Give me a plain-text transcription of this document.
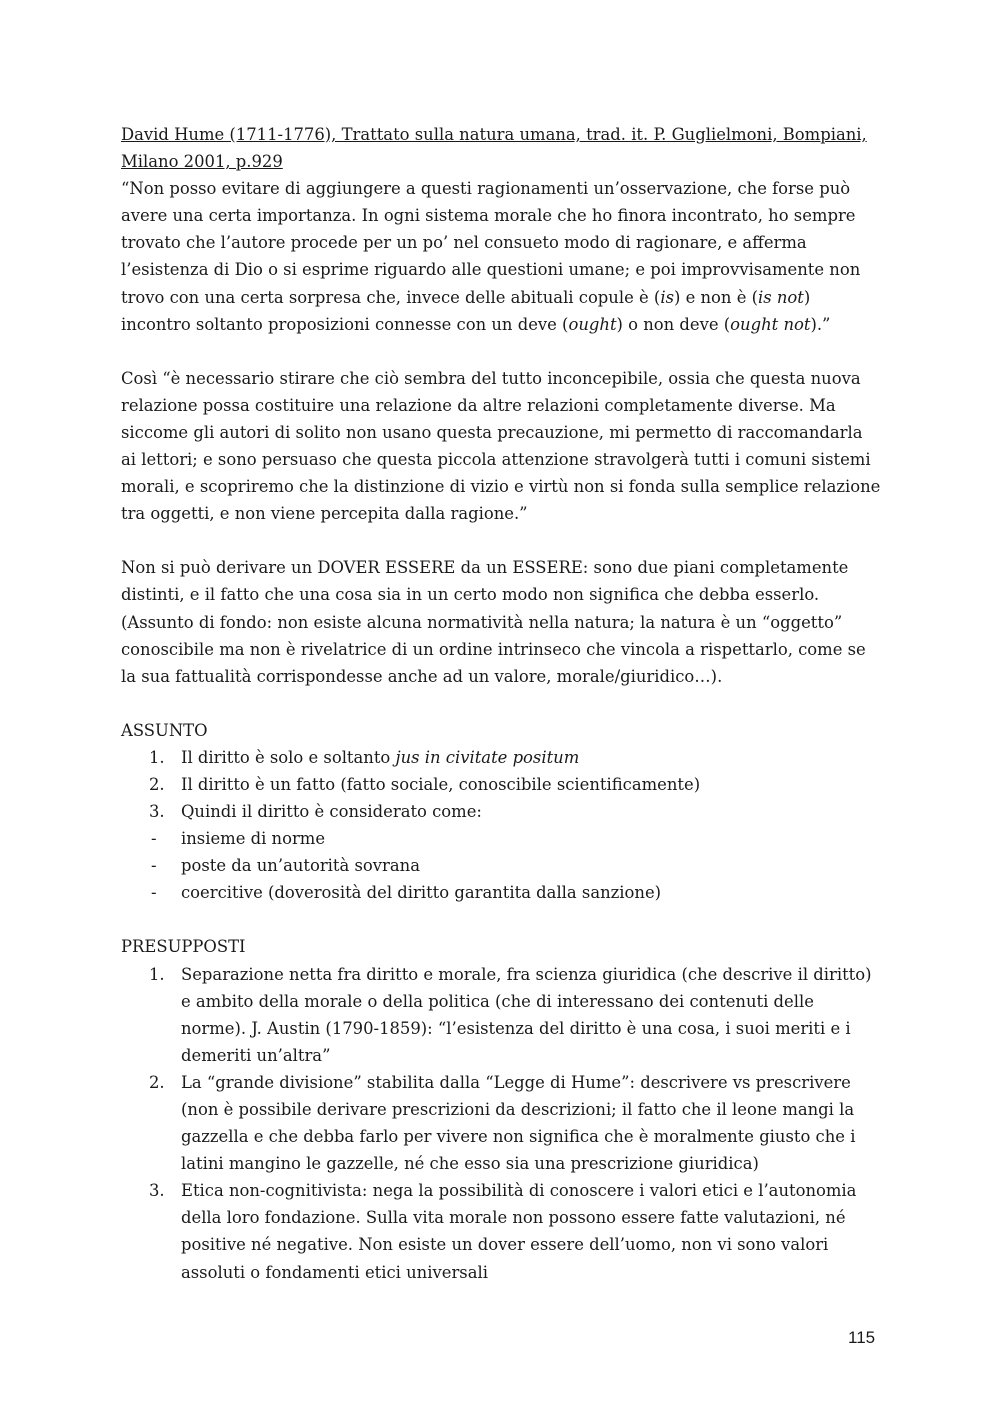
David Hume (1711-1776), Trattato sulla natura umana, trad. it. P. Guglielmoni, Bompiani, Milano 2001, p.929

“Non posso evitare di aggiungere a questi ragionamenti un’osservazione, che forse può avere una certa importanza. In ogni sistema morale che ho finora incontrato, ho sempre trovato che l’autore procede per un po’ nel consueto modo di ragionare, e afferma l’esistenza di Dio o si esprime riguardo alle questioni umane; e poi improvvisamente non trovo con una certa sorpresa che, invece delle abituali copule è (is) e non è (is not) incontro soltanto proposizioni connesse con un deve (ought) o non deve (ought not).”

Così “è necessario stirare che ciò sembra del tutto inconcepibile, ossia che questa nuova relazione possa costituire una relazione da altre relazioni completamente diverse. Ma siccome gli autori di solito non usano questa precauzione, mi permetto di raccomandarla ai lettori; e sono persuaso che questa piccola attenzione stravolgerà tutti i comuni sistemi morali, e scopriremo che la distinzione di vizio e virtù non si fonda sulla semplice relazione tra oggetti, e non viene percepita dalla ragione.”

Non si può derivare un DOVER ESSERE da un ESSERE: sono due piani completamente distinti, e il fatto che una cosa sia in un certo modo non significa che debba esserlo. (Assunto di fondo: non esiste alcuna normatività nella natura; la natura è un “oggetto” conoscibile ma non è rivelatrice di un ordine intrinseco che vincola a rispettarlo, come se la sua fattualità corrispondesse anche ad un valore, morale/giuridico…).

ASSUNTO

1. Il diritto è solo e soltanto jus in civitate positum
2. Il diritto è un fatto (fatto sociale, conoscibile scientificamente)
3. Quindi il diritto è considerato come:
- insieme di norme
- poste da un’autorità sovrana
- coercitive (doverosità del diritto garantita dalla sanzione)

PRESUPPOSTI

1. Separazione netta fra diritto e morale, fra scienza giuridica (che descrive il diritto) e ambito della morale o della politica (che di interessano dei contenuti delle norme). J. Austin (1790-1859): “l’esistenza del diritto è una cosa, i suoi meriti e i demeriti un’altra”
2. La “grande divisione” stabilita dalla “Legge di Hume”: descrivere vs prescrivere (non è possibile derivare prescrizioni da descrizioni; il fatto che il leone mangi la gazzella e che debba farlo per vivere non significa che è moralmente giusto che i latini mangino le gazzelle, né che esso sia una prescrizione giuridica)
3. Etica non-cognitivista: nega la possibilità di conoscere i valori etici e l’autonomia della loro fondazione. Sulla vita morale non possono essere fatte valutazioni, né positive né negative. Non esiste un dover essere dell’uomo, non vi sono valori assoluti o fondamenti etici universali
115
